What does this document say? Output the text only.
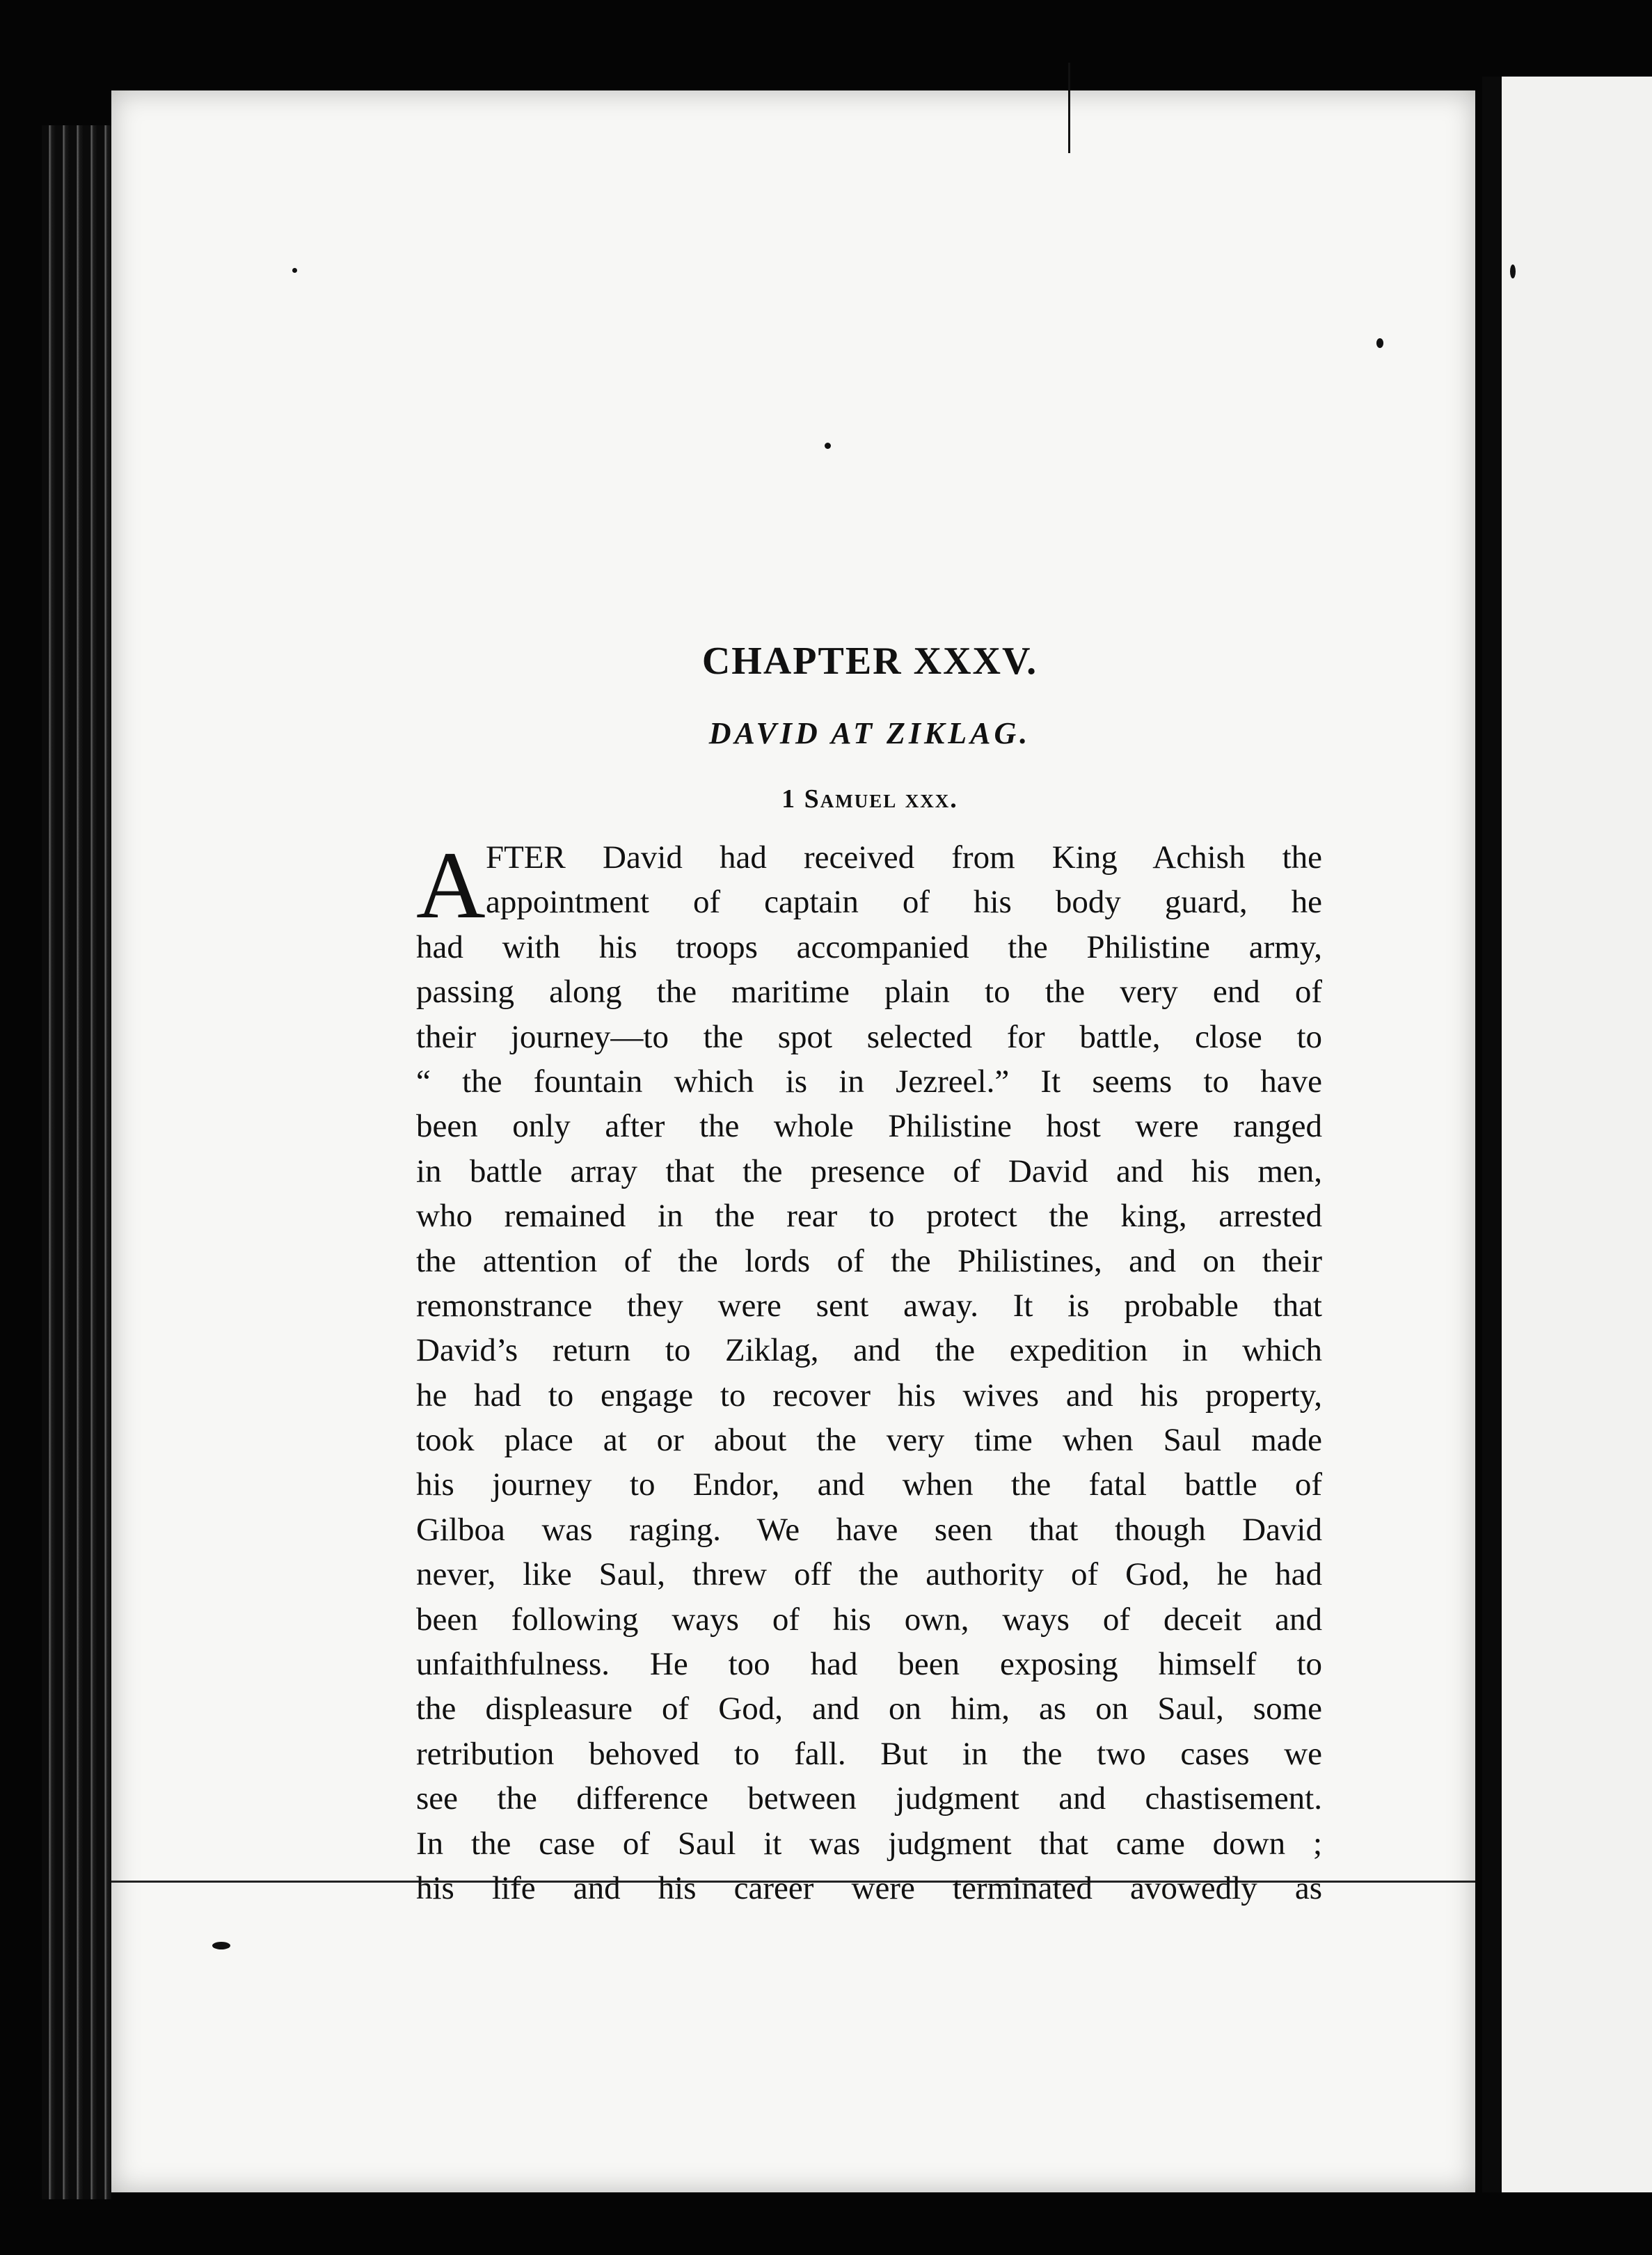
CHAPTER XXXV.
DAVID AT ZIKLAG.
1 Samuel xxx.
A FTER David had received from King Achish the
appointment of captain of his body guard, he
had with his troops accompanied the Philistine army,
passing along the maritime plain to the very end of
their journey—to the spot selected for battle, close to
“ the fountain which is in Jezreel.” It seems to have
been only after the whole Philistine host were ranged
in battle array that the presence of David and his men,
who remained in the rear to protect the king, arrested
the attention of the lords of the Philistines, and on their
remonstrance they were sent away. It is probable that
David’s return to Ziklag, and the expedition in which
he had to engage to recover his wives and his property,
took place at or about the very time when Saul made
his journey to Endor, and when the fatal battle of
Gilboa was raging. We have seen that though David
never, like Saul, threw off the authority of God, he had
been following ways of his own, ways of deceit and
unfaithfulness. He too had been exposing himself to
the displeasure of God, and on him, as on Saul, some
retribution behoved to fall. But in the two cases we
see the difference between judgment and chastisement.
In the case of Saul it was judgment that came down ;
his life and his career were terminated avowedly as
